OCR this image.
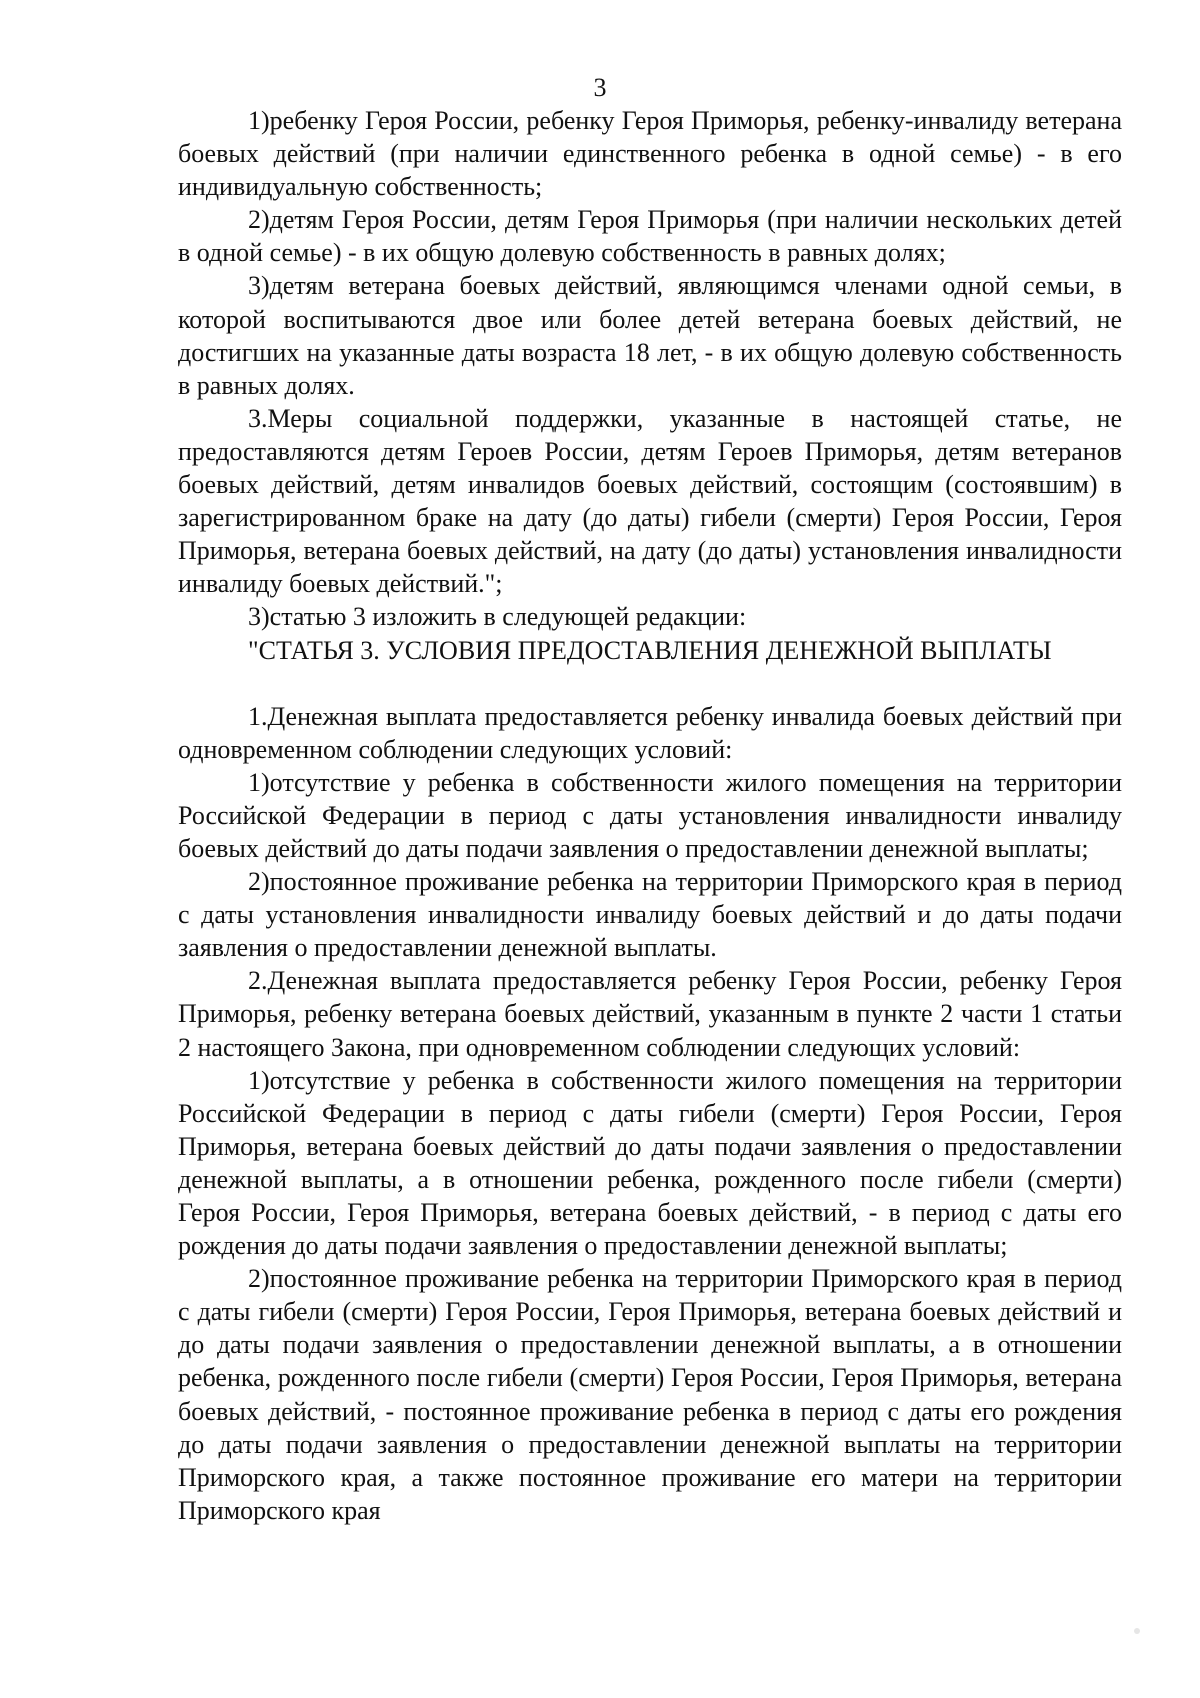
3

1)ребенку Героя России, ребенку Героя Приморья, ребенку-инвалиду ветерана боевых действий (при наличии единственного ребенка в одной семье) - в его индивидуальную собственность;

2)детям Героя России, детям Героя Приморья (при наличии нескольких детей в одной семье) - в их общую долевую собственность в равных долях;

3)детям ветерана боевых действий, являющимся членами одной семьи, в которой воспитываются двое или более детей ветерана боевых действий, не достигших на указанные даты возраста 18 лет, - в их общую долевую собственность в равных долях.

3.Меры социальной поддержки, указанные в настоящей статье, не предоставляются детям Героев России, детям Героев Приморья, детям ветеранов боевых действий, детям инвалидов боевых действий, состоящим (состоявшим) в зарегистрированном браке на дату (до даты) гибели (смерти) Героя России, Героя Приморья, ветерана боевых действий, на дату (до даты) установления инвалидности инвалиду боевых действий.";

3)статью 3 изложить в следующей редакции:

"СТАТЬЯ 3. УСЛОВИЯ ПРЕДОСТАВЛЕНИЯ ДЕНЕЖНОЙ ВЫПЛАТЫ

1.Денежная выплата предоставляется ребенку инвалида боевых действий при одновременном соблюдении следующих условий:

1)отсутствие у ребенка в собственности жилого помещения на территории Российской Федерации в период с даты установления инвалидности инвалиду боевых действий до даты подачи заявления о предоставлении денежной выплаты;

2)постоянное проживание ребенка на территории Приморского края в период с даты установления инвалидности инвалиду боевых действий и до даты подачи заявления о предоставлении денежной выплаты.

2.Денежная выплата предоставляется ребенку Героя России, ребенку Героя Приморья, ребенку ветерана боевых действий, указанным в пункте 2 части 1 статьи 2 настоящего Закона, при одновременном соблюдении следующих условий:

1)отсутствие у ребенка в собственности жилого помещения на территории Российской Федерации в период с даты гибели (смерти) Героя России, Героя Приморья, ветерана боевых действий до даты подачи заявления о предоставлении денежной выплаты, а в отношении ребенка, рожденного после гибели (смерти) Героя России, Героя Приморья, ветерана боевых действий, - в период с даты его рождения до даты подачи заявления о предоставлении денежной выплаты;

2)постоянное проживание ребенка на территории Приморского края в период с даты гибели (смерти) Героя России, Героя Приморья, ветерана боевых действий и до даты подачи заявления о предоставлении денежной выплаты, а в отношении ребенка, рожденного после гибели (смерти) Героя России, Героя Приморья, ветерана боевых действий, - постоянное проживание ребенка в период с даты его рождения до даты подачи заявления о предоставлении денежной выплаты на территории Приморского края, а также постоянное проживание его матери на территории Приморского края
